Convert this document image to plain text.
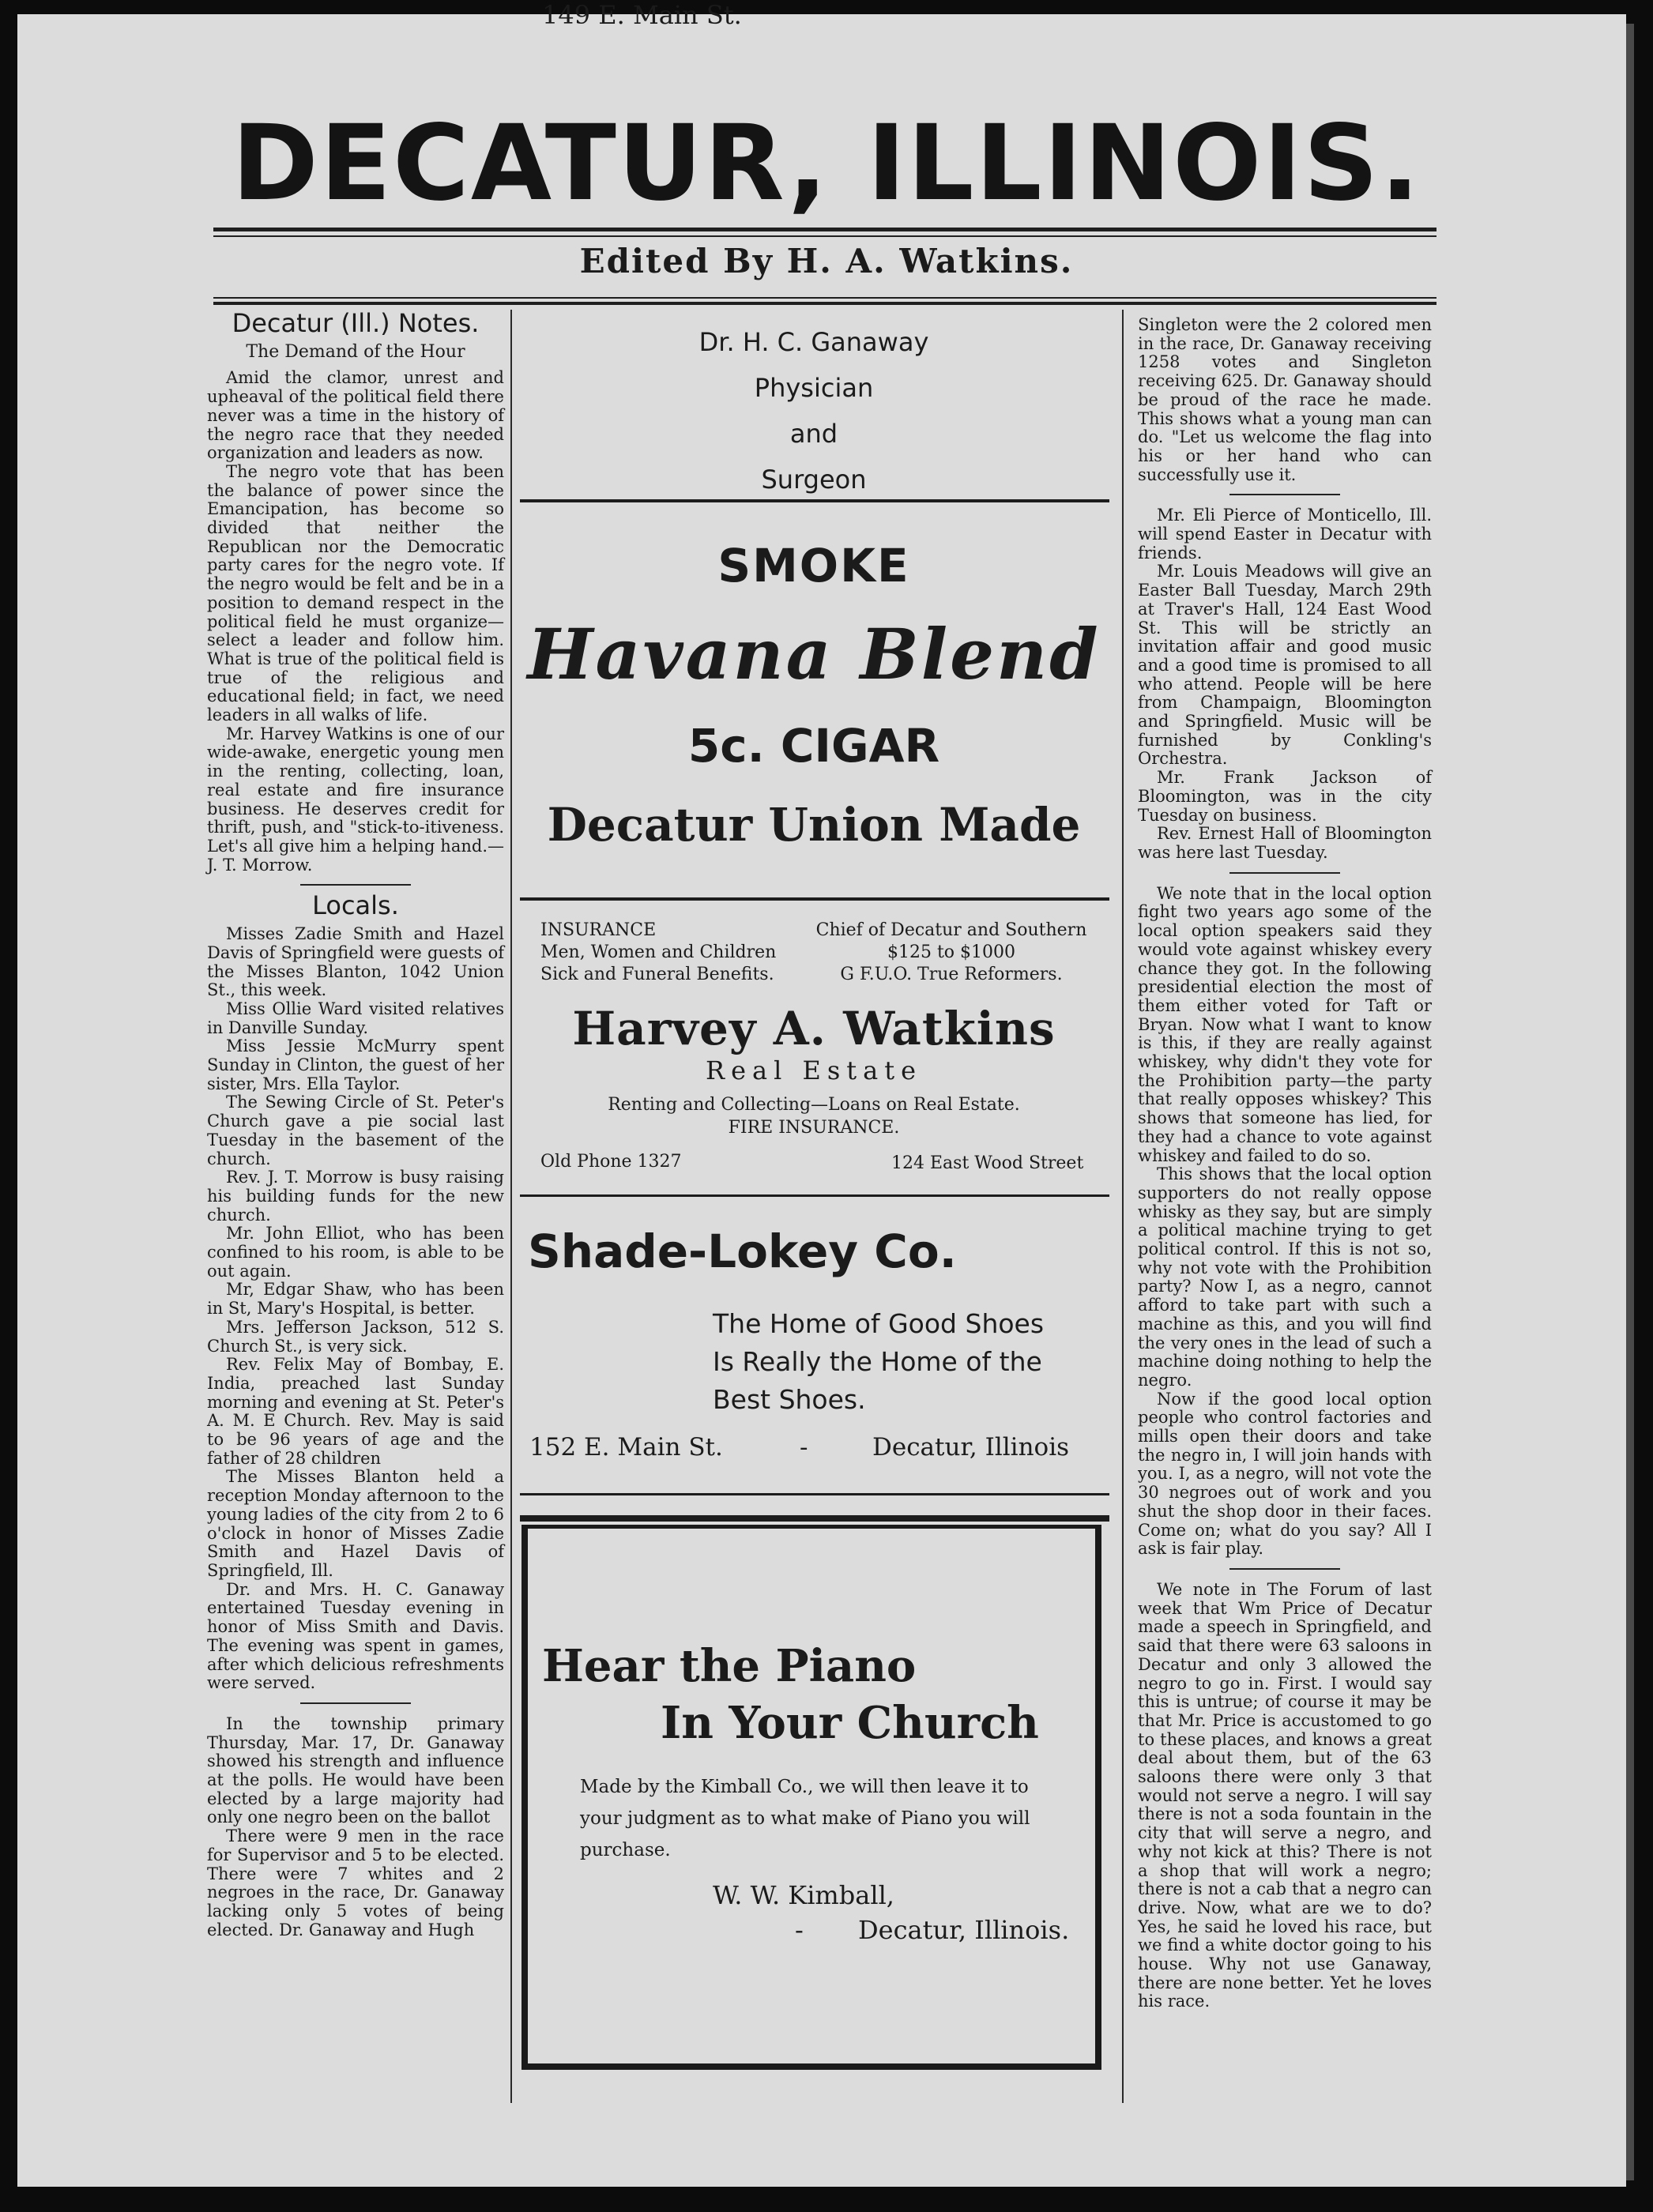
DECATUR, ILLINOIS.
Edited By H. A. Watkins.
Decatur (Ill.) Notes.
The Demand of the Hour

Amid the clamor, unrest and upheaval of the political field there never was a time in the history of the negro race that they needed organization and leaders as now.

The negro vote that has been the balance of power since the Emancipation, has become so divided that neither the Republican nor the Democratic party cares for the negro vote. If the negro would be felt and be in a position to demand respect in the political field he must organize—select a leader and follow him. What is true of the political field is true of the religious and educational field; in fact, we need leaders in all walks of life.

Mr. Harvey Watkins is one of our wide-awake, energetic young men in the renting, collecting, loan, real estate and fire insurance business. He deserves credit for thrift, push, and "stick-to-itiveness. Let's all give him a helping hand.—J. T. Morrow.

Locals.

Misses Zadie Smith and Hazel Davis of Springfield were guests of the Misses Blanton, 1042 Union St., this week.

Miss Ollie Ward visited relatives in Danville Sunday.

Miss Jessie McMurry spent Sunday in Clinton, the guest of her sister, Mrs. Ella Taylor.

The Sewing Circle of St. Peter's Church gave a pie social last Tuesday in the basement of the church.

Rev. J. T. Morrow is busy raising his building funds for the new church.

Mr. John Elliot, who has been confined to his room, is able to be out again.

Mr, Edgar Shaw, who has been in St, Mary's Hospital, is better.

Mrs. Jefferson Jackson, 512 S. Church St., is very sick.

Rev. Felix May of Bombay, E. India, preached last Sunday morning and evening at St. Peter's A. M. E Church. Rev. May is said to be 96 years of age and the father of 28 children

The Misses Blanton held a reception Monday afternoon to the young ladies of the city from 2 to 6 o'clock in honor of Misses Zadie Smith and Hazel Davis of Springfield, Ill.

Dr. and Mrs. H. C. Ganaway entertained Tuesday evening in honor of Miss Smith and Davis. The evening was spent in games, after which delicious refreshments were served.

In the township primary Thursday, Mar. 17, Dr. Ganaway showed his strength and influence at the polls. He would have been elected by a large majority had only one negro been on the ballot

There were 9 men in the race for Supervisor and 5 to be elected. There were 7 whites and 2 negroes in the race, Dr. Ganaway lacking only 5 votes of being elected. Dr. Ganaway and Hugh

Dr. H. C. Ganaway
Physician
and
Surgeon
SMOKE
Havana Blend
5c. CIGAR
Decatur Union Made
INSURANCE
Men, Women and Children
Sick and Funeral Benefits.
Chief of Decatur and Southern
$125 to $1000
G F.U.O. True Reformers.
Harvey A. Watkins
Real Estate
Renting and Collecting—Loans on Real Estate.
FIRE INSURANCE.
Old Phone 1327	124 East Wood Street
Shade-Lokey Co.
The Home of Good Shoes
Is Really the Home of the
Best Shoes.
152 E. Main St.	-	Decatur, Illinois
Hear the Piano
In Your Church
Made by the Kimball Co., we will then leave it to
your judgment as to what make of Piano you will
purchase.
W. W. Kimball,
149 E. Main St.
- Decatur, Illinois.

Singleton were the 2 colored men in the race, Dr. Ganaway receiving 1258 votes and Singleton receiving 625. Dr. Ganaway should be proud of the race he made. This shows what a young man can do. "Let us welcome the flag into his or her hand who can successfully use it.

Mr. Eli Pierce of Monticello, Ill. will spend Easter in Decatur with friends.

Mr. Louis Meadows will give an Easter Ball Tuesday, March 29th at Traver's Hall, 124 East Wood St. This will be strictly an invitation affair and good music and a good time is promised to all who attend. People will be here from Champaign, Bloomington and Springfield. Music will be furnished by Conkling's Orchestra.

Mr. Frank Jackson of Bloomington, was in the city Tuesday on business.

Rev. Ernest Hall of Bloomington was here last Tuesday.

We note that in the local option fight two years ago some of the local option speakers said they would vote against whiskey every chance they got. In the following presidential election the most of them either voted for Taft or Bryan. Now what I want to know is this, if they are really against whiskey, why didn't they vote for the Prohibition party—the party that really opposes whiskey? This shows that someone has lied, for they had a chance to vote against whiskey and failed to do so.

This shows that the local option supporters do not really oppose whisky as they say, but are simply a political machine trying to get political control. If this is not so, why not vote with the Prohibition party? Now I, as a negro, cannot afford to take part with such a machine as this, and you will find the very ones in the lead of such a machine doing nothing to help the negro.

Now if the good local option people who control factories and mills open their doors and take the negro in, I will join hands with you. I, as a negro, will not vote the 30 negroes out of work and you shut the shop door in their faces. Come on; what do you say? All I ask is fair play.

We note in The Forum of last week that Wm Price of Decatur made a speech in Springfield, and said that there were 63 saloons in Decatur and only 3 allowed the negro to go in. First. I would say this is untrue; of course it may be that Mr. Price is accustomed to go to these places, and knows a great deal about them, but of the 63 saloons there were only 3 that would not serve a negro. I will say there is not a soda fountain in the city that will serve a negro, and why not kick at this? There is not a shop that will work a negro; there is not a cab that a negro can drive. Now, what are we to do? Yes, he said he loved his race, but we find a white doctor going to his house. Why not use Ganaway, there are none better. Yet he loves his race.
